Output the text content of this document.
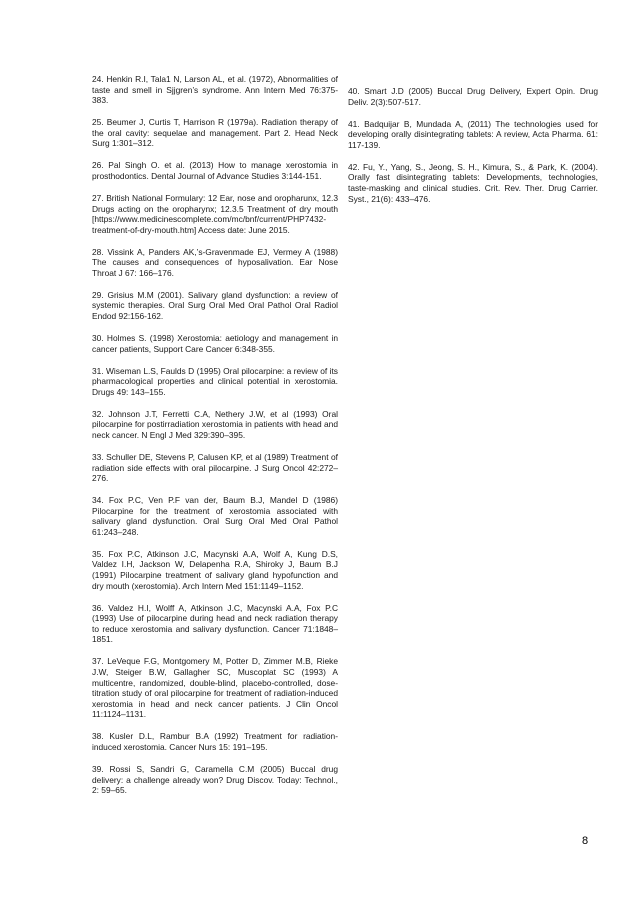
24. Henkin R.I, Tala1 N, Larson AL, et al. (1972), Abnormalities of taste and smell in Sjjgren’s syndrome. Ann Intern Med 76:375-383.

25. Beumer J, Curtis T, Harrison R (1979a). Radiation therapy of the oral cavity: sequelae and management. Part 2. Head Neck Surg 1:301–312.

26. Pal Singh O. et al. (2013) How to manage xerostomia in prosthodontics. Dental Journal of Advance Studies 3:144-151.

27. British National Formulary: 12 Ear, nose and oropharunx, 12.3 Drugs acting on the oropharynx; 12.3.5 Treatment of dry mouth [https://www.medicinescomplete.com/mc/bnf/current/PHP7432-treatment-of-dry-mouth.htm] Access date: June 2015.

28. Vissink A, Panders AK,’s-Gravenmade EJ, Vermey A (1988) The causes and consequences of hyposalivation. Ear Nose Throat J 67: 166–176.

29. Grisius M.M (2001). Salivary gland dysfunction: a review of systemic therapies. Oral Surg Oral Med Oral Pathol Oral Radiol Endod 92:156-162.

30. Holmes S. (1998) Xerostomia: aetiology and management in cancer patients, Support Care Cancer 6:348-355.

31. Wiseman L.S, Faulds D (1995) Oral pilocarpine: a review of its pharmacological properties and clinical potential in xerostomia. Drugs 49: 143–155.

32. Johnson J.T, Ferretti C.A, Nethery J.W, et al (1993) Oral pilocarpine for postirradiation xerostomia in patients with head and neck cancer. N Engl J Med 329:390–395.

33. Schuller DE, Stevens P, Calusen KP, et al (1989) Treatment of radiation side effects with oral pilocarpine. J Surg Oncol 42:272–276.

34. Fox P.C, Ven P.F van der, Baum B.J, Mandel D (1986) Pilocarpine for the treatment of xerostomia associated with salivary gland dysfunction. Oral Surg Oral Med Oral Pathol 61:243–248.

35. Fox P.C, Atkinson J.C, Macynski A.A, Wolf A, Kung D.S, Valdez I.H, Jackson W, Delapenha R.A, Shiroky J, Baum B.J (1991) Pilocarpine treatment of salivary gland hypofunction and dry mouth (xerostomia). Arch Intern Med 151:1149–1152.

36. Valdez H.I, Wolff A, Atkinson J.C, Macynski A.A, Fox P.C (1993) Use of pilocarpine during head and neck radiation therapy to reduce xerostomia and salivary dysfunction. Cancer 71:1848–1851.

37. LeVeque F.G, Montgomery M, Potter D, Zimmer M.B, Rieke J.W, Steiger B.W, Gallagher SC, Muscoplat SC (1993) A multicentre, randomized, double-blind, placebo-controlled, dose-titration study of oral pilocarpine for treatment of radiation-induced xerostomia in head and neck cancer patients. J Clin Oncol 11:1124–1131.

38. Kusler D.L, Rambur B.A (1992) Treatment for radiation-induced xerostomia. Cancer Nurs 15: 191–195.

39. Rossi S, Sandri G, Caramella C.M (2005) Buccal drug delivery: a challenge already won? Drug Discov. Today: Technol., 2: 59–65.

40. Smart J.D (2005) Buccal Drug Delivery, Expert Opin. Drug Deliv. 2(3):507-517.

41. Badquijar B, Mundada A, (2011) The technologies used for developing orally disintegrating tablets: A review, Acta Pharma. 61: 117-139.

42. Fu, Y., Yang, S., Jeong, S. H., Kimura, S., & Park, K. (2004). Orally fast disintegrating tablets: Developments, technologies, taste-masking and clinical studies. Crit. Rev. Ther. Drug Carrier. Syst., 21(6): 433–476.

8
